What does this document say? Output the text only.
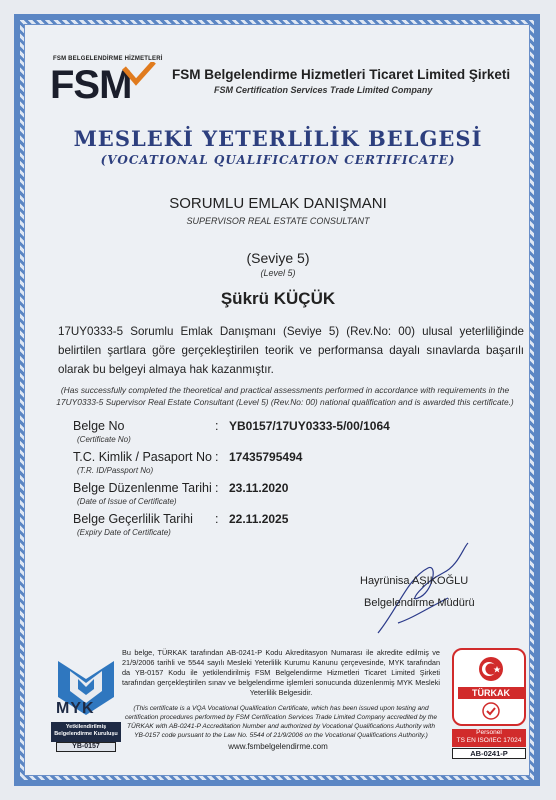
FSM BELGELENDİRME HİZMETLERİ
FSM	FSM Belgelendirme Hizmetleri Ticaret Limited Şirketi
FSM Certification Services Trade Limited Company
MESLEKİ YETERLİLİK BELGESİ
(VOCATIONAL QUALIFICATION CERTIFICATE)
SORUMLU EMLAK DANIŞMANI
SUPERVISOR REAL ESTATE CONSULTANT
(Seviye 5)
(Level 5)
Şükrü KÜÇÜK
17UY0333-5 Sorumlu Emlak Danışmanı (Seviye 5) (Rev.No: 00) ulusal yeterliliğinde belirtilen şartlara göre gerçekleştirilen teorik ve performansa dayalı sınavlarda başarılı olarak bu belgeyi almaya hak kazanmıştır.
(Has successfully completed the theoretical and practical assessments performed in accordance with requirements in the 17UY0333-5 Supervisor Real Estate Consultant (Level 5) (Rev.No: 00) national qualification and is awarded this certificate.)
Belge No
(Certificate No)
: YB0157/17UY0333-5/00/1064
T.C. Kimlik / Pasaport No
(T.R. ID/Passport No)
: 17435795494
Belge Düzenlenme Tarihi
(Date of Issue of Certificate)
: 23.11.2020
Belge Geçerlilik Tarihi
(Expiry Date of Certificate)
: 22.11.2025
Hayrünisa AŞIKOĞLU
Belgelendirme Müdürü
Bu belge, TÜRKAK tarafından AB-0241-P Kodu Akreditasyon Numarası ile akredite edilmiş ve 21/9/2006 tarihli ve 5544 sayılı Mesleki Yeterlilik Kurumu Kanunu çerçevesinde, MYK tarafından da YB-0157 Kodu ile yetkilendirilmiş FSM Belgelendirme Hizmetleri Ticaret Limited Şirketi tarafından gerçekleştirilen sınav ve belgelendirme işlemleri sonucunda düzenlenmiş MYK Mesleki Yeterlilik Belgesidir.
(This certificate is a VQA Vocational Qualification Certificate, which has been issued upon testing and certification procedures performed by FSM Certification Services Trade Limited Company accredited by the TÜRKAK with AB-0241-P Accreditation Number and authorized by Vocational Qualifications Authority with YB-0157 code pursuant to the Law No. 5544 of 21/9/2006 on the Vocational Qualifications Authority.)
www.fsmbelgelendirme.com
MYK
Yetkilendirilmiş Belgelendirme Kuruluşu
YB-0157
TÜRKAK
Personel
TS EN ISO/IEC 17024
AB-0241-P
